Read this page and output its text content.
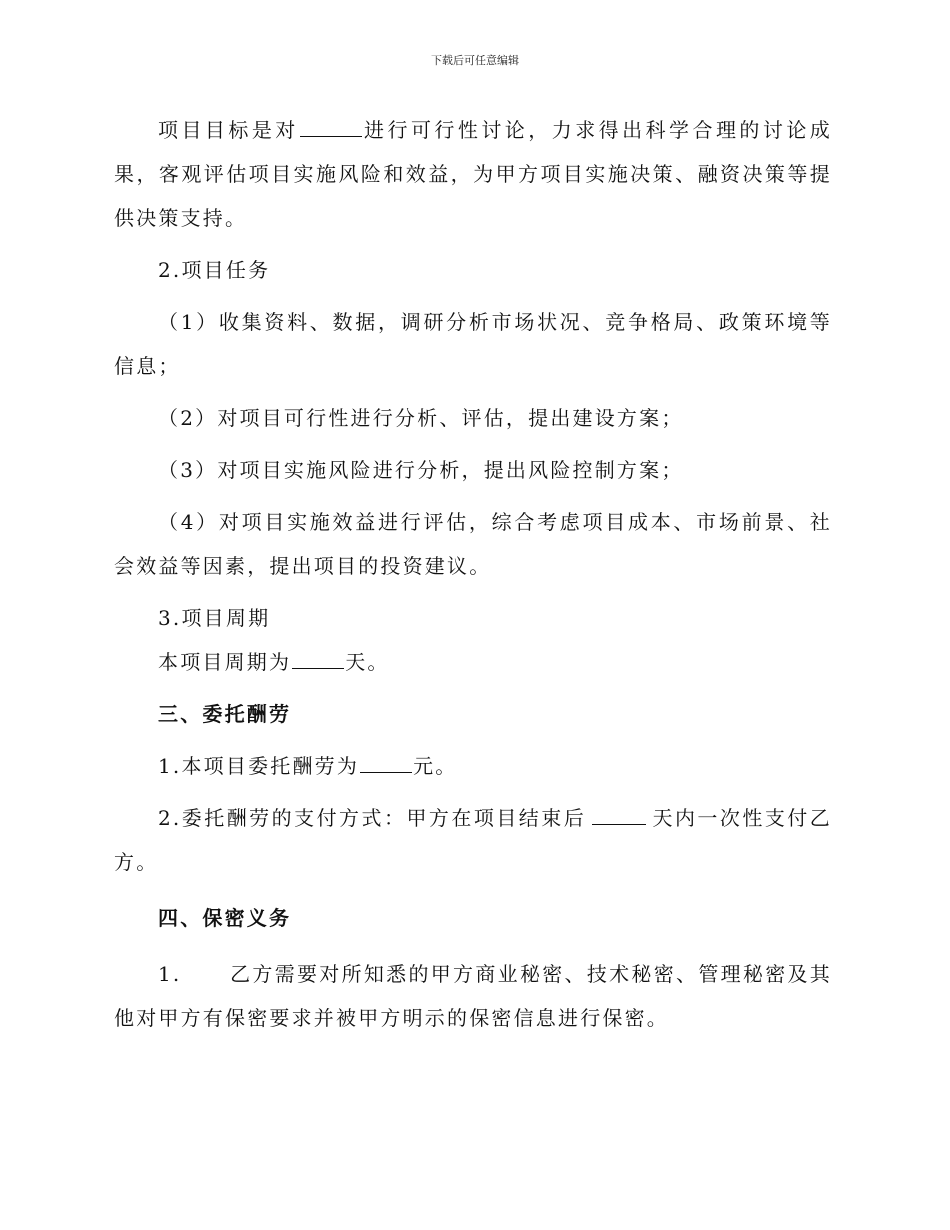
下载后可任意编辑

项目目标是对	进行可行性讨论，力求得出科学合理的讨论成果，客观评估项目实施风险和效益，为甲方项目实施决策、融资决策等提供决策支持。

2.项目任务

（1）收集资料、数据，调研分析市场状况、竞争格局、政策环境等信息；

（2）对项目可行性进行分析、评估，提出建设方案；

（3）对项目实施风险进行分析，提出风险控制方案；

（4）对项目实施效益进行评估，综合考虑项目成本、市场前景、社会效益等因素，提出项目的投资建议。

3.项目周期

本项目周期为	天。

三、委托酬劳

1.本项目委托酬劳为	元。

2.委托酬劳的支付方式：甲方在项目结束后	天内一次性支付乙方。

四、保密义务

1. 乙方需要对所知悉的甲方商业秘密、技术秘密、管理秘密及其他对甲方有保密要求并被甲方明示的保密信息进行保密。
